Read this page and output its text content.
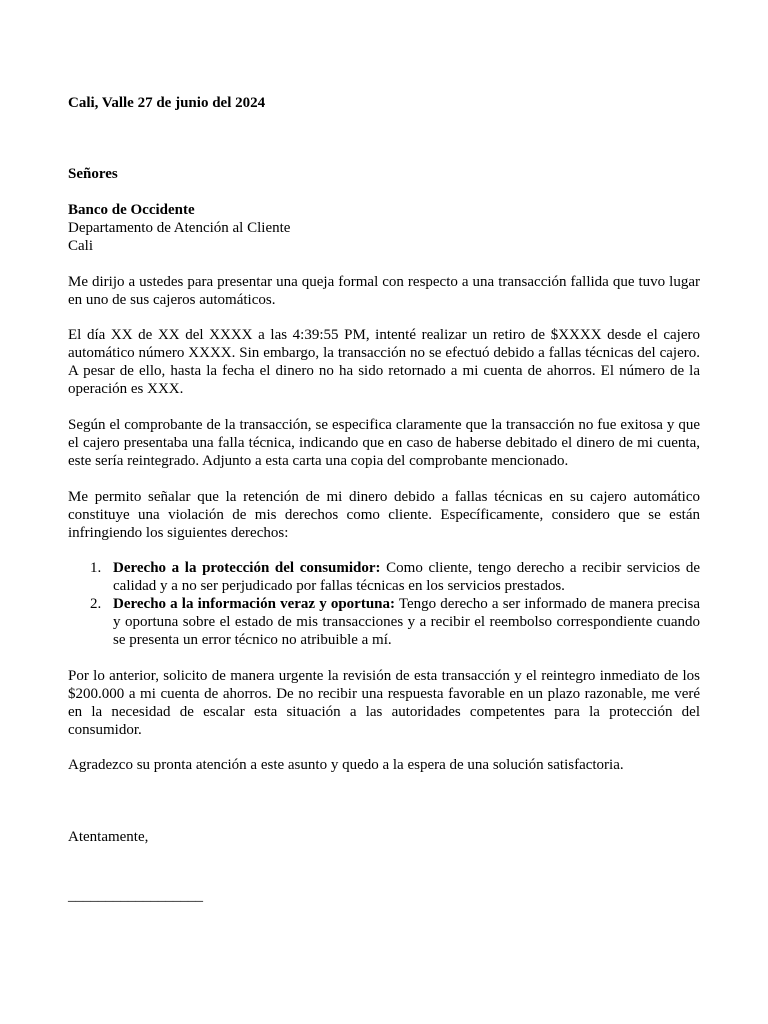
Cali, Valle 27 de junio del 2024

Señores

Banco de Occidente
Departamento de Atención al Cliente
Cali

Me dirijo a ustedes para presentar una queja formal con respecto a una transacción fallida que tuvo lugar en uno de sus cajeros automáticos.

El día XX de XX del XXXX a las 4:39:55 PM, intenté realizar un retiro de $XXXX desde el cajero automático número XXXX. Sin embargo, la transacción no se efectuó debido a fallas técnicas del cajero. A pesar de ello, hasta la fecha el dinero no ha sido retornado a mi cuenta de ahorros. El número de la operación es XXX.

Según el comprobante de la transacción, se especifica claramente que la transacción no fue exitosa y que el cajero presentaba una falla técnica, indicando que en caso de haberse debitado el dinero de mi cuenta, este sería reintegrado. Adjunto a esta carta una copia del comprobante mencionado.

Me permito señalar que la retención de mi dinero debido a fallas técnicas en su cajero automático constituye una violación de mis derechos como cliente. Específicamente, considero que se están infringiendo los siguientes derechos:

1. Derecho a la protección del consumidor: Como cliente, tengo derecho a recibir servicios de calidad y a no ser perjudicado por fallas técnicas en los servicios prestados.
2. Derecho a la información veraz y oportuna: Tengo derecho a ser informado de manera precisa y oportuna sobre el estado de mis transacciones y a recibir el reembolso correspondiente cuando se presenta un error técnico no atribuible a mí.

Por lo anterior, solicito de manera urgente la revisión de esta transacción y el reintegro inmediato de los $200.000 a mi cuenta de ahorros. De no recibir una respuesta favorable en un plazo razonable, me veré en la necesidad de escalar esta situación a las autoridades competentes para la protección del consumidor.

Agradezco su pronta atención a este asunto y quedo a la espera de una solución satisfactoria.

Atentamente,

__________________
